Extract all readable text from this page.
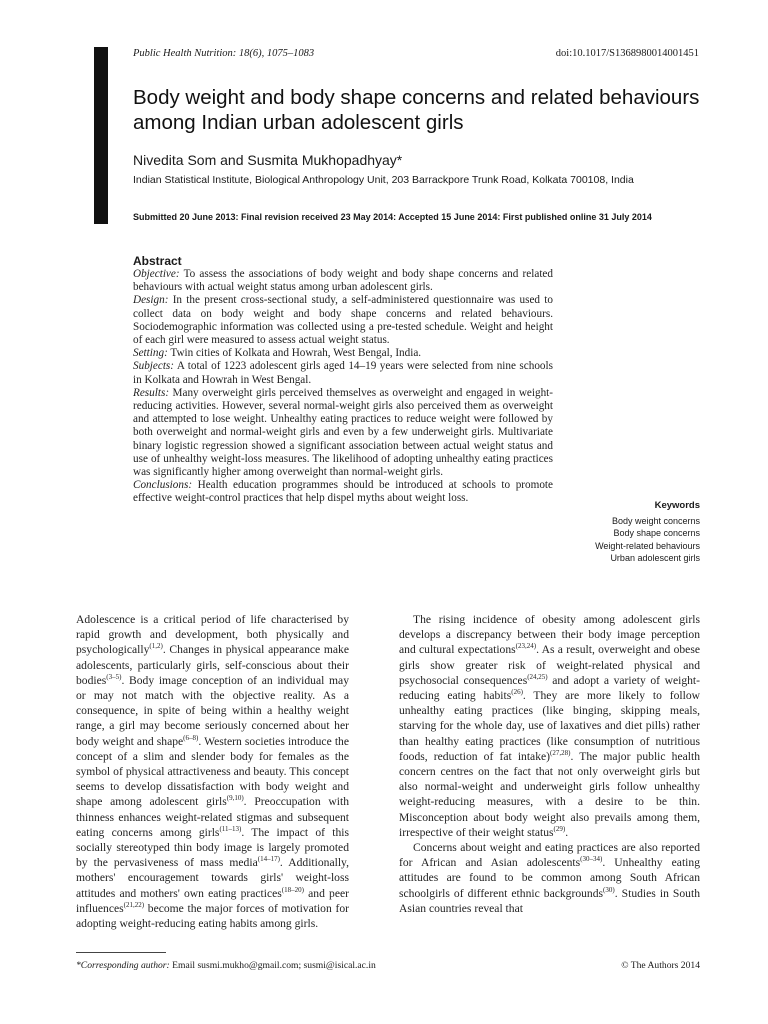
Public Health Nutrition: 18(6), 1075–1083	doi:10.1017/S1368980014001451
Body weight and body shape concerns and related behaviours among Indian urban adolescent girls
Nivedita Som and Susmita Mukhopadhyay*
Indian Statistical Institute, Biological Anthropology Unit, 203 Barrackpore Trunk Road, Kolkata 700108, India
Submitted 20 June 2013: Final revision received 23 May 2014: Accepted 15 June 2014: First published online 31 July 2014
Abstract

Objective: To assess the associations of body weight and body shape concerns and related behaviours with actual weight status among urban adolescent girls.

Design: In the present cross-sectional study, a self-administered questionnaire was used to collect data on body weight and body shape concerns and related behaviours. Sociodemographic information was collected using a pre-tested schedule. Weight and height of each girl were measured to assess actual weight status.

Setting: Twin cities of Kolkata and Howrah, West Bengal, India.

Subjects: A total of 1223 adolescent girls aged 14–19 years were selected from nine schools in Kolkata and Howrah in West Bengal.

Results: Many overweight girls perceived themselves as overweight and engaged in weight-reducing activities. However, several normal-weight girls also perceived them as overweight and attempted to lose weight. Unhealthy eating practices to reduce weight were followed by both overweight and normal-weight girls and even by a few underweight girls. Multivariate binary logistic regression showed a significant association between actual weight status and use of unhealthy weight-loss measures. The likelihood of adopting unhealthy eating practices was significantly higher among overweight than normal-weight girls.

Conclusions: Health education programmes should be introduced at schools to promote effective weight-control practices that help dispel myths about weight loss.

Keywords

Body weight concerns

Body shape concerns

Weight-related behaviours

Urban adolescent girls

Adolescence is a critical period of life characterised by rapid growth and development, both physically and psychologically$^{(1,2)}$. Changes in physical appearance make adolescents, particularly girls, self-conscious about their bodies$^{(3-5)}$. Body image conception of an individual may or may not match with the objective reality. As a consequence, in spite of being within a healthy weight range, a girl may become seriously concerned about her body weight and shape$^{(6-8)}$. Western societies introduce the concept of a slim and slender body for females as the symbol of physical attractiveness and beauty. This concept seems to develop dissatisfaction with body weight and shape among adolescent girls$^{(9,10)}$. Preoccupation with thinness enhances weight-related stigmas and subsequent eating concerns among girls$^{(11-13)}$. The impact of this socially stereotyped thin body image is largely promoted by the pervasiveness of mass media$^{(14-17)}$. Additionally, mothers' encouragement towards girls' weight-loss attitudes and mothers' own eating practices$^{(18-20)}$ and peer influences$^{(21,22)}$ become the major forces of motivation for adopting weight-reducing eating habits among girls.

The rising incidence of obesity among adolescent girls develops a discrepancy between their body image perception and cultural expectations$^{(23,24)}$. As a result, overweight and obese girls show greater risk of weight-related physical and psychosocial consequences$^{(24,25)}$ and adopt a variety of weight-reducing eating habits$^{(26)}$. They are more likely to follow unhealthy eating practices (like binging, skipping meals, starving for the whole day, use of laxatives and diet pills) rather than healthy eating practices (like consumption of nutritious foods, reduction of fat intake)$^{(27,28)}$. The major public health concern centres on the fact that not only overweight girls but also normal-weight and underweight girls follow unhealthy weight-reducing measures, with a desire to be thin. Misconception about body weight also prevails among them, irrespective of their weight status$^{(29)}$.

Concerns about weight and eating practices are also reported for African and Asian adolescents$^{(30-34)}$. Unhealthy eating attitudes are found to be common among South African schoolgirls of different ethnic backgrounds$^{(30)}$. Studies in South Asian countries reveal that

*Corresponding author: Email susmi.mukho@gmail.com; susmi@isical.ac.in	© The Authors 2014
